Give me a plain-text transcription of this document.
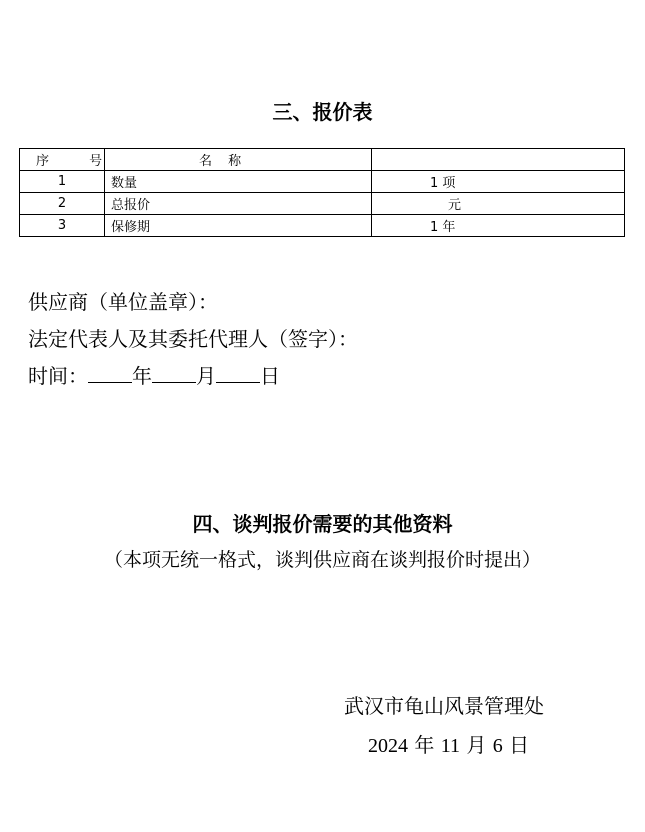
三、报价表
序 号	名 称	
1	数量	1 项
2	总报价	元
3	保修期	1 年
供应商（单位盖章）：
法定代表人及其委托代理人（签字）：
时间： 年 月 日
四、谈判报价需要的其他资料
（本项无统一格式，谈判供应商在谈判报价时提出）
武汉市龟山风景管理处
2024 年 11 月 6 日
